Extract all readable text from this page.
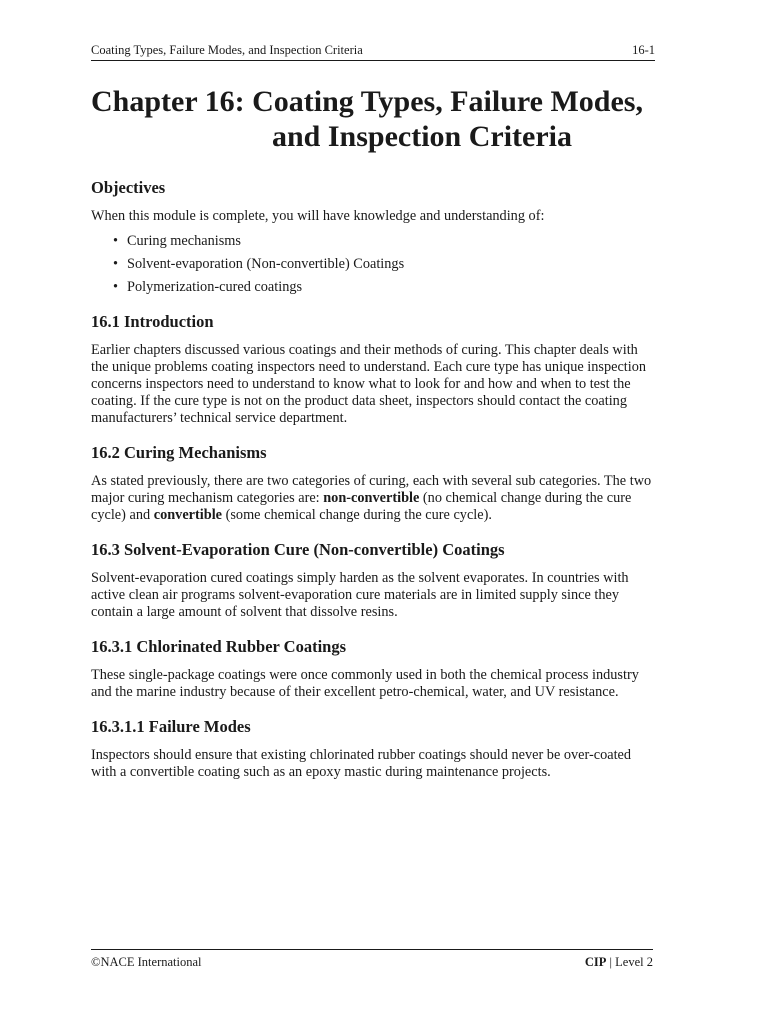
Coating Types, Failure Modes, and Inspection Criteria	16-1
Chapter 16: Coating Types, Failure Modes,
and Inspection Criteria
Objectives

When this module is complete, you will have knowledge and understanding of:

• Curing mechanisms
• Solvent-evaporation (Non-convertible) Coatings
• Polymerization-cured coatings
16.1 Introduction

Earlier chapters discussed various coatings and their methods of curing. This chapter deals with the unique problems coating inspectors need to understand. Each cure type has unique inspection concerns inspectors need to understand to know what to look for and how and when to test the coating. If the cure type is not on the product data sheet, inspectors should contact the coating manufacturers’ technical service department.

16.2 Curing Mechanisms

As stated previously, there are two categories of curing, each with several sub categories. The two major curing mechanism categories are: non-convertible (no chemical change during the cure cycle) and convertible (some chemical change during the cure cycle).

16.3 Solvent-Evaporation Cure (Non-convertible) Coatings

Solvent-evaporation cured coatings simply harden as the solvent evaporates. In countries with active clean air programs solvent-evaporation cure materials are in limited supply since they contain a large amount of solvent that dissolve resins.

16.3.1 Chlorinated Rubber Coatings

These single-package coatings were once commonly used in both the chemical process industry and the marine industry because of their excellent petro-chemical, water, and UV resistance.

16.3.1.1 Failure Modes

Inspectors should ensure that existing chlorinated rubber coatings should never be over-coated with a convertible coating such as an epoxy mastic during maintenance projects.

©NACE International	CIP | Level 2
